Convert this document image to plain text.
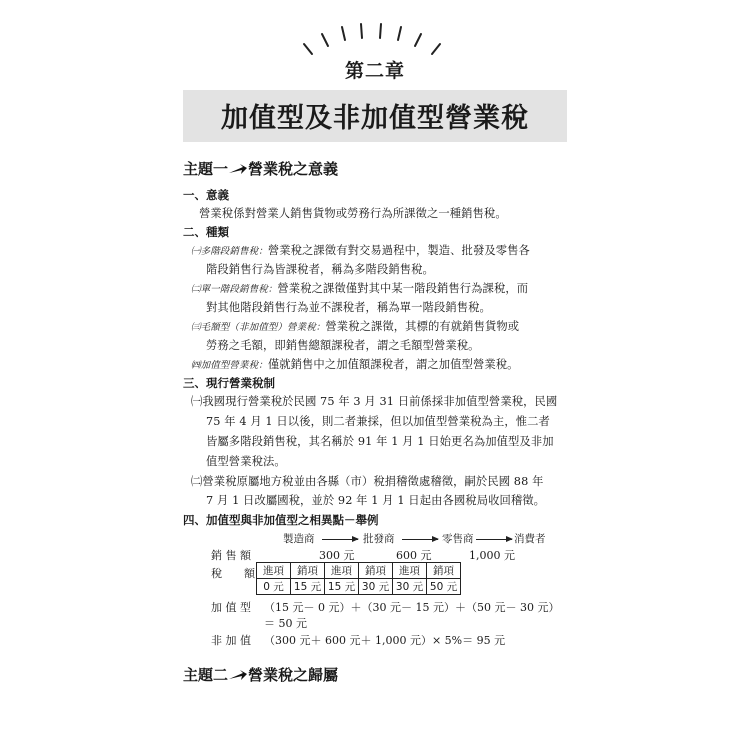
第二章
加值型及非加值型營業稅
主題一 營業稅之意義
一、意義
營業稅係對營業人銷售貨物或勞務行為所課徵之一種銷售稅。
二、種類
㈠多階段銷售稅：營業稅之課徵有對交易過程中，製造、批發及零售各
階段銷售行為皆課稅者，稱為多階段銷售稅。
㈡單一階段銷售稅：營業稅之課徵僅對其中某一階段銷售行為課稅，而
對其他階段銷售行為並不課稅者，稱為單一階段銷售稅。
㈢毛額型（非加值型）營業稅：營業稅之課徵，其標的有就銷售貨物或
勞務之毛額，即銷售總額課稅者，謂之毛額型營業稅。
㈣加值型營業稅：僅就銷售中之加值額課稅者，謂之加值型營業稅。
三、現行營業稅制
㈠我國現行營業稅於民國 75 年 3 月 31 日前係採非加值型營業稅，民國
75 年 4 月 1 日以後，則二者兼採，但以加值型營業稅為主，惟二者
皆屬多階段銷售稅，其名稱於 91 年 1 月 1 日始更名為加值型及非加
值型營業稅法。
㈡營業稅原屬地方稅並由各縣（市）稅捐稽徵處稽徵，嗣於民國 88 年
7 月 1 日改屬國稅，並於 92 年 1 月 1 日起由各國稅局收回稽徵。
四、加值型與非加值型之相異點－舉例
製造商	批發商	零售商	消費者
銷 售 額	300 元	600 元	1,000 元
稅　　額 進項	銷項	進項	銷項	進項	銷項
0 元	15 元	15 元	30 元	30 元	50 元
加 值 型 （15 元－ 0 元）＋（30 元－ 15 元）＋（50 元－ 30 元）
＝ 50 元
非 加 值 （300 元＋ 600 元＋ 1,000 元）× 5%＝ 95 元
主題二 營業稅之歸屬
